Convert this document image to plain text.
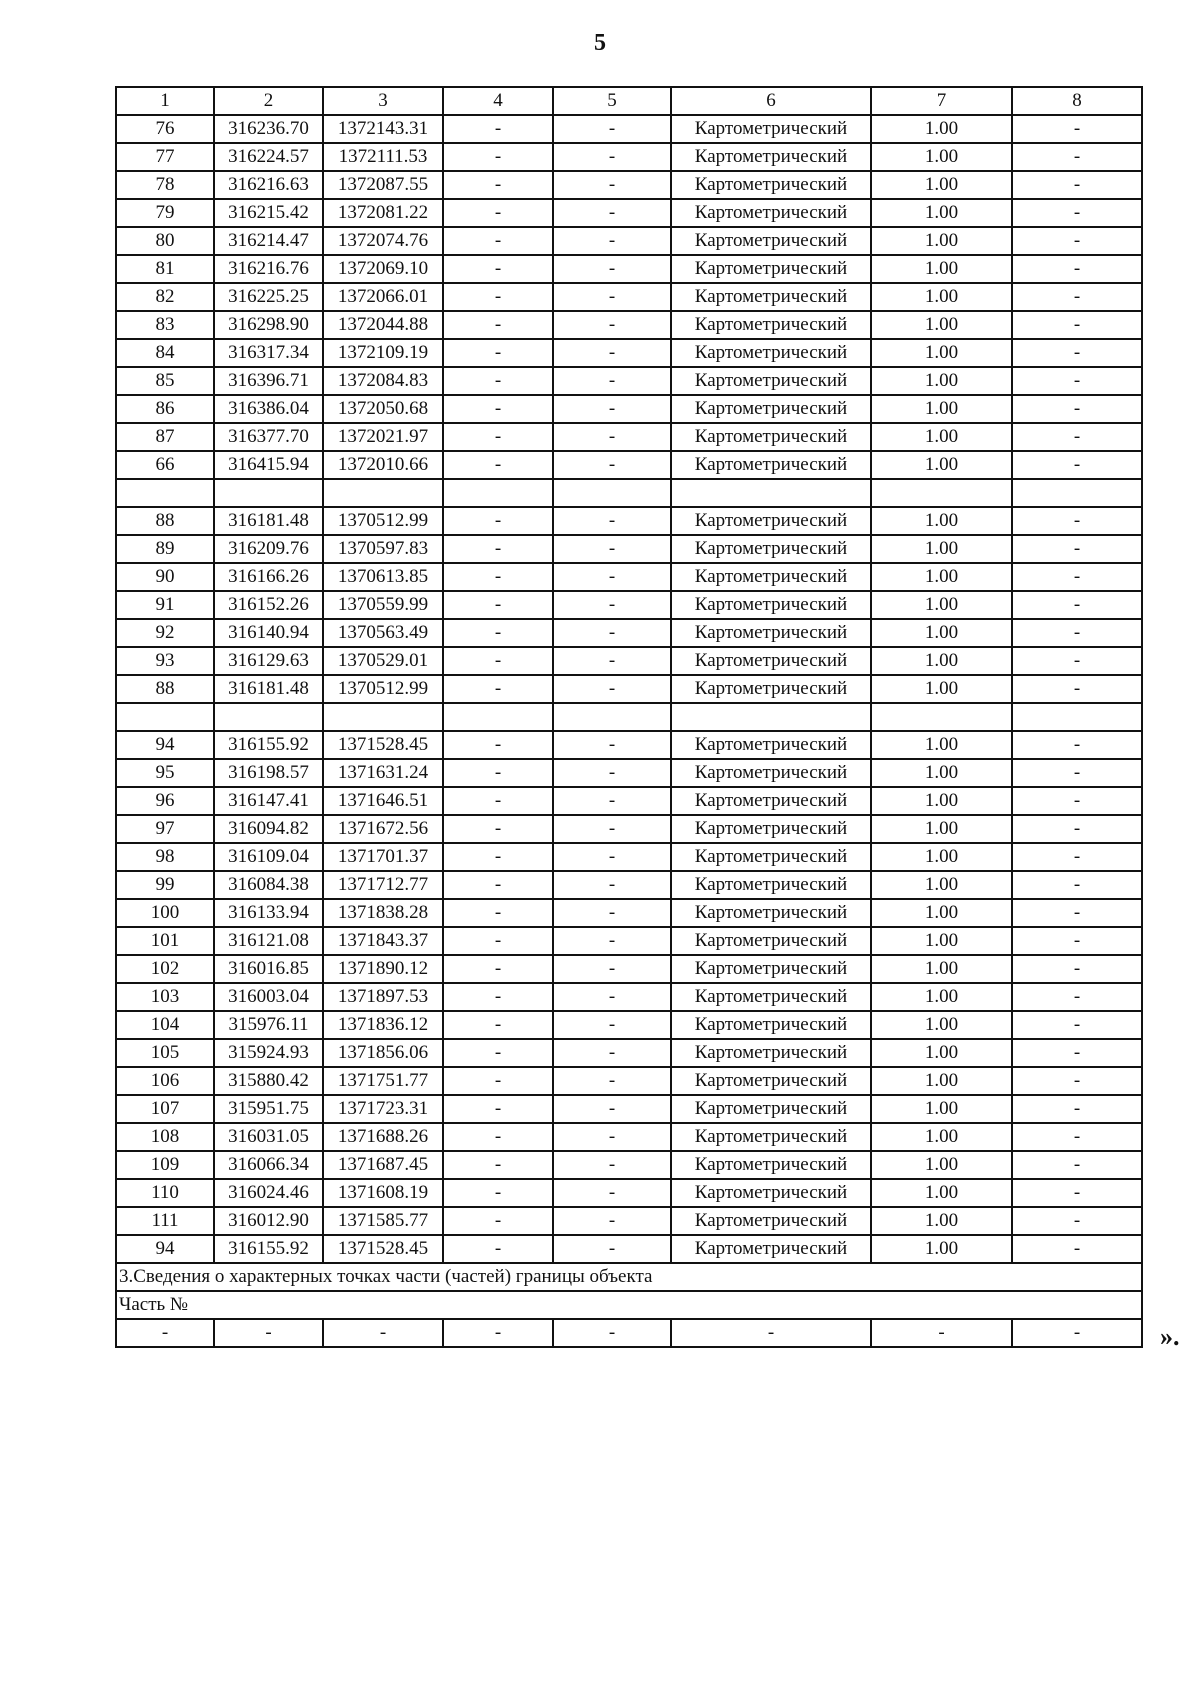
5
1	2	3	4	5	6	7	8
76	316236.70	1372143.31	-	-	Картометрический	1.00	-
77	316224.57	1372111.53	-	-	Картометрический	1.00	-
78	316216.63	1372087.55	-	-	Картометрический	1.00	-
79	316215.42	1372081.22	-	-	Картометрический	1.00	-
80	316214.47	1372074.76	-	-	Картометрический	1.00	-
81	316216.76	1372069.10	-	-	Картометрический	1.00	-
82	316225.25	1372066.01	-	-	Картометрический	1.00	-
83	316298.90	1372044.88	-	-	Картометрический	1.00	-
84	316317.34	1372109.19	-	-	Картометрический	1.00	-
85	316396.71	1372084.83	-	-	Картометрический	1.00	-
86	316386.04	1372050.68	-	-	Картометрический	1.00	-
87	316377.70	1372021.97	-	-	Картометрический	1.00	-
66	316415.94	1372010.66	-	-	Картометрический	1.00	-

88	316181.48	1370512.99	-	-	Картометрический	1.00	-
89	316209.76	1370597.83	-	-	Картометрический	1.00	-
90	316166.26	1370613.85	-	-	Картометрический	1.00	-
91	316152.26	1370559.99	-	-	Картометрический	1.00	-
92	316140.94	1370563.49	-	-	Картометрический	1.00	-
93	316129.63	1370529.01	-	-	Картометрический	1.00	-
88	316181.48	1370512.99	-	-	Картометрический	1.00	-

94	316155.92	1371528.45	-	-	Картометрический	1.00	-
95	316198.57	1371631.24	-	-	Картометрический	1.00	-
96	316147.41	1371646.51	-	-	Картометрический	1.00	-
97	316094.82	1371672.56	-	-	Картометрический	1.00	-
98	316109.04	1371701.37	-	-	Картометрический	1.00	-
99	316084.38	1371712.77	-	-	Картометрический	1.00	-
100	316133.94	1371838.28	-	-	Картометрический	1.00	-
101	316121.08	1371843.37	-	-	Картометрический	1.00	-
102	316016.85	1371890.12	-	-	Картометрический	1.00	-
103	316003.04	1371897.53	-	-	Картометрический	1.00	-
104	315976.11	1371836.12	-	-	Картометрический	1.00	-
105	315924.93	1371856.06	-	-	Картометрический	1.00	-
106	315880.42	1371751.77	-	-	Картометрический	1.00	-
107	315951.75	1371723.31	-	-	Картометрический	1.00	-
108	316031.05	1371688.26	-	-	Картометрический	1.00	-
109	316066.34	1371687.45	-	-	Картометрический	1.00	-
110	316024.46	1371608.19	-	-	Картометрический	1.00	-
111	316012.90	1371585.77	-	-	Картометрический	1.00	-
94	316155.92	1371528.45	-	-	Картометрический	1.00	-
3.Сведения о характерных точках части (частей) границы объекта							
Часть №							
-	-	-	-	-	-	-	-	».
